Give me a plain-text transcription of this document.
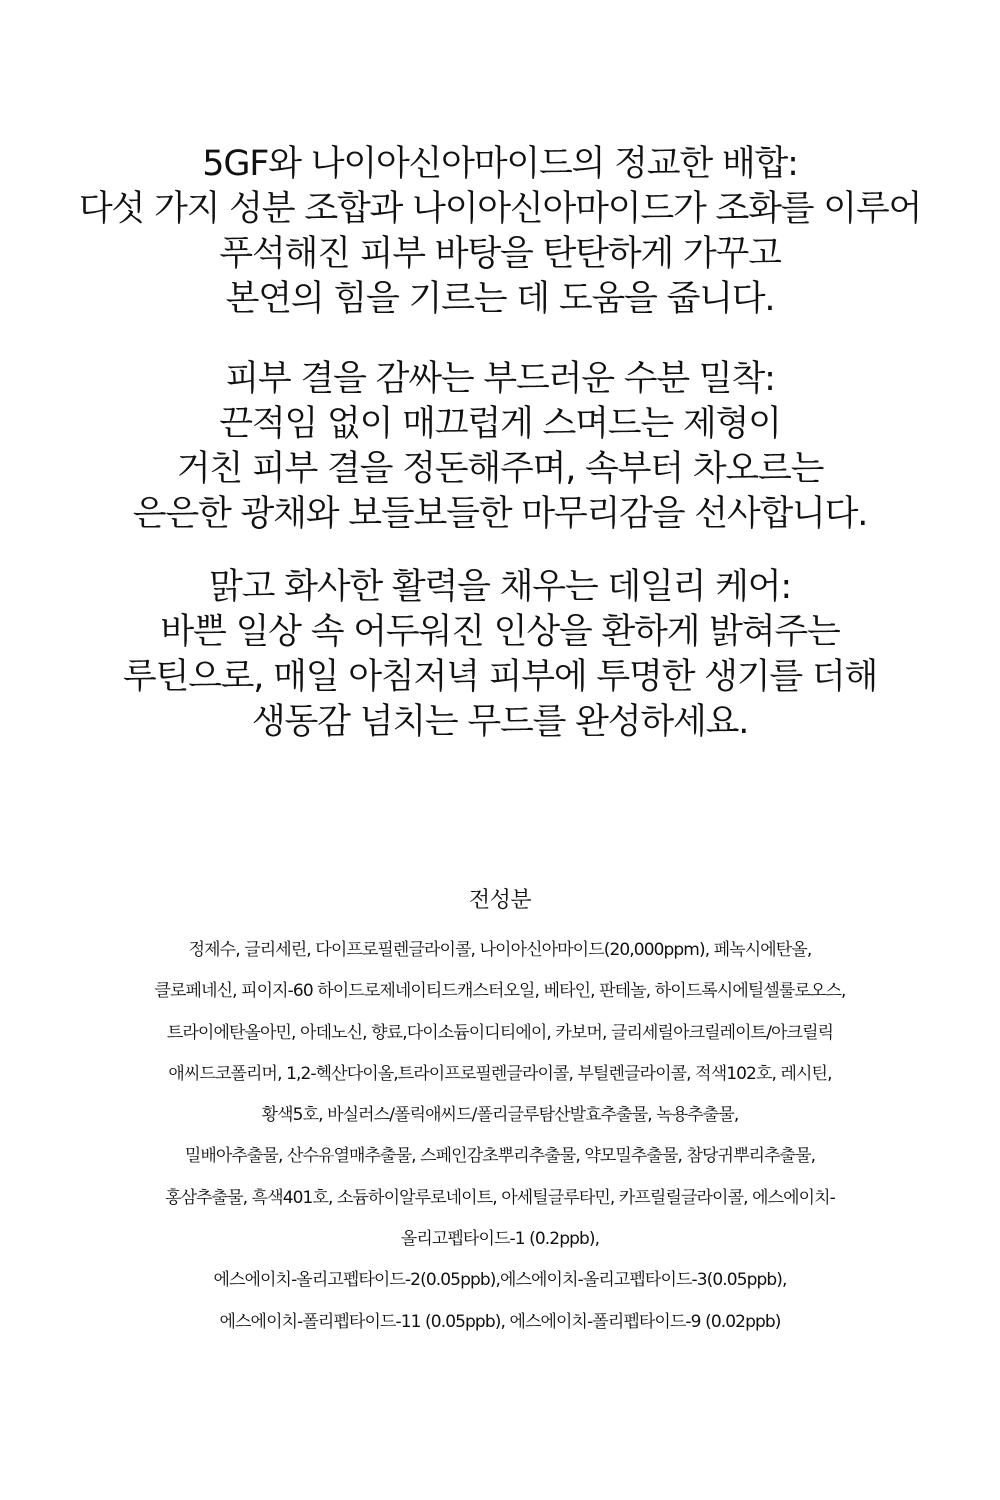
5GF와 나이아신아마이드의 정교한 배합:
다섯 가지 성분 조합과 나이아신아마이드가 조화를 이루어
푸석해진 피부 바탕을 탄탄하게 가꾸고
본연의 힘을 기르는 데 도움을 줍니다.
피부 결을 감싸는 부드러운 수분 밀착:
끈적임 없이 매끄럽게 스며드는 제형이
거친 피부 결을 정돈해주며, 속부터 차오르는
은은한 광채와 보들보들한 마무리감을 선사합니다.
맑고 화사한 활력을 채우는 데일리 케어:
바쁜 일상 속 어두워진 인상을 환하게 밝혀주는
루틴으로, 매일 아침저녁 피부에 투명한 생기를 더해
생동감 넘치는 무드를 완성하세요.
전성분
정제수, 글리세린, 다이프로필렌글라이콜, 나이아신아마이드(20,000ppm), 페녹시에탄올,
클로페네신, 피이지-60 하이드로제네이티드캐스터오일, 베타인, 판테놀, 하이드록시에틸셀룰로오스,
트라이에탄올아민, 아데노신, 향료,다이소듐이디티에이, 카보머, 글리세릴아크릴레이트/아크릴릭
애씨드코폴리머, 1,2-헥산다이올,트라이프로필렌글라이콜, 부틸렌글라이콜, 적색102호, 레시틴,
황색5호, 바실러스/폴릭애씨드/폴리글루탐산발효추출물, 녹용추출물,
밀배아추출물, 산수유열매추출물, 스페인감초뿌리추출물, 약모밀추출물, 참당귀뿌리추출물,
홍삼추출물, 흑색401호, 소듐하이알루로네이트, 아세틸글루타민, 카프릴릴글라이콜, 에스에이치-
올리고펩타이드-1 (0.2ppb),
에스에이치-올리고펩타이드-2(0.05ppb),에스에이치-올리고펩타이드-3(0.05ppb),
에스에이치-폴리펩타이드-11 (0.05ppb), 에스에이치-폴리펩타이드-9 (0.02ppb)
